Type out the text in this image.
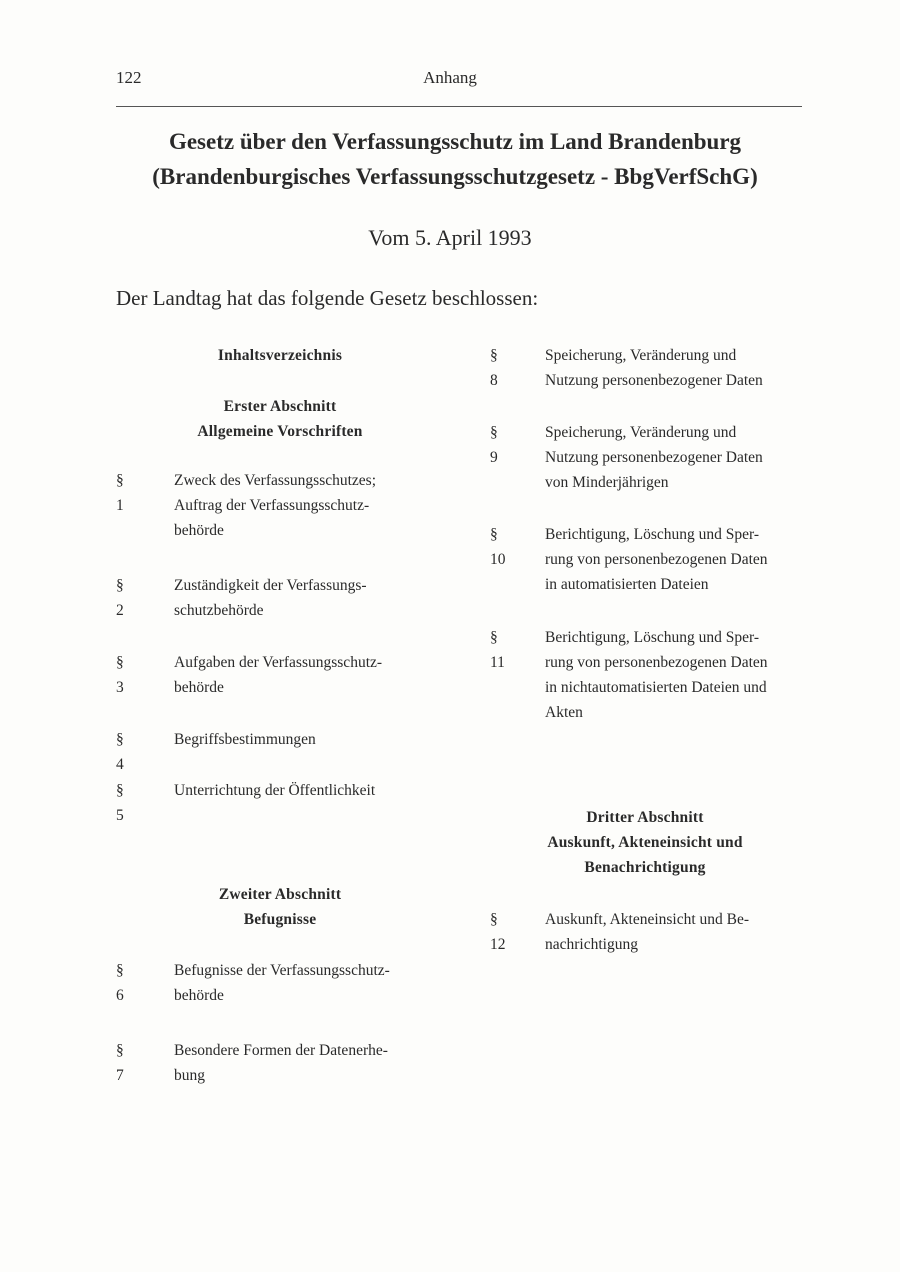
122	Anhang
Gesetz über den Verfassungsschutz im Land Brandenburg
(Brandenburgisches Verfassungsschutzgesetz - BbgVerfSchG)
Vom 5. April 1993
Der Landtag hat das folgende Gesetz beschlossen:
Inhaltsverzeichnis
Erster Abschnitt
Allgemeine Vorschriften
Zweiter Abschnitt
Befugnisse
Dritter Abschnitt
Auskunft, Akteneinsicht und
Benachrichtigung
§ 1
Zweck des Verfassungsschutzes;
Auftrag der Verfassungsschutz-
behörde
§ 2
Zuständigkeit der Verfassungs-
schutzbehörde
§ 3
Aufgaben der Verfassungsschutz-
behörde
§ 4
Begriffsbestimmungen
§ 5
Unterrichtung der Öffentlichkeit
§ 6
Befugnisse der Verfassungsschutz-
behörde
§ 7
Besondere Formen der Datenerhe-
bung
§ 8
Speicherung, Veränderung und
Nutzung personenbezogener Daten
§ 9
Speicherung, Veränderung und
Nutzung personenbezogener Daten
von Minderjährigen
§ 10
Berichtigung, Löschung und Sper-
rung von personenbezogenen Daten
in automatisierten Dateien
§ 11
Berichtigung, Löschung und Sper-
rung von personenbezogenen Daten
in nichtautomatisierten Dateien und
Akten
§ 12
Auskunft, Akteneinsicht und Be-
nachrichtigung
